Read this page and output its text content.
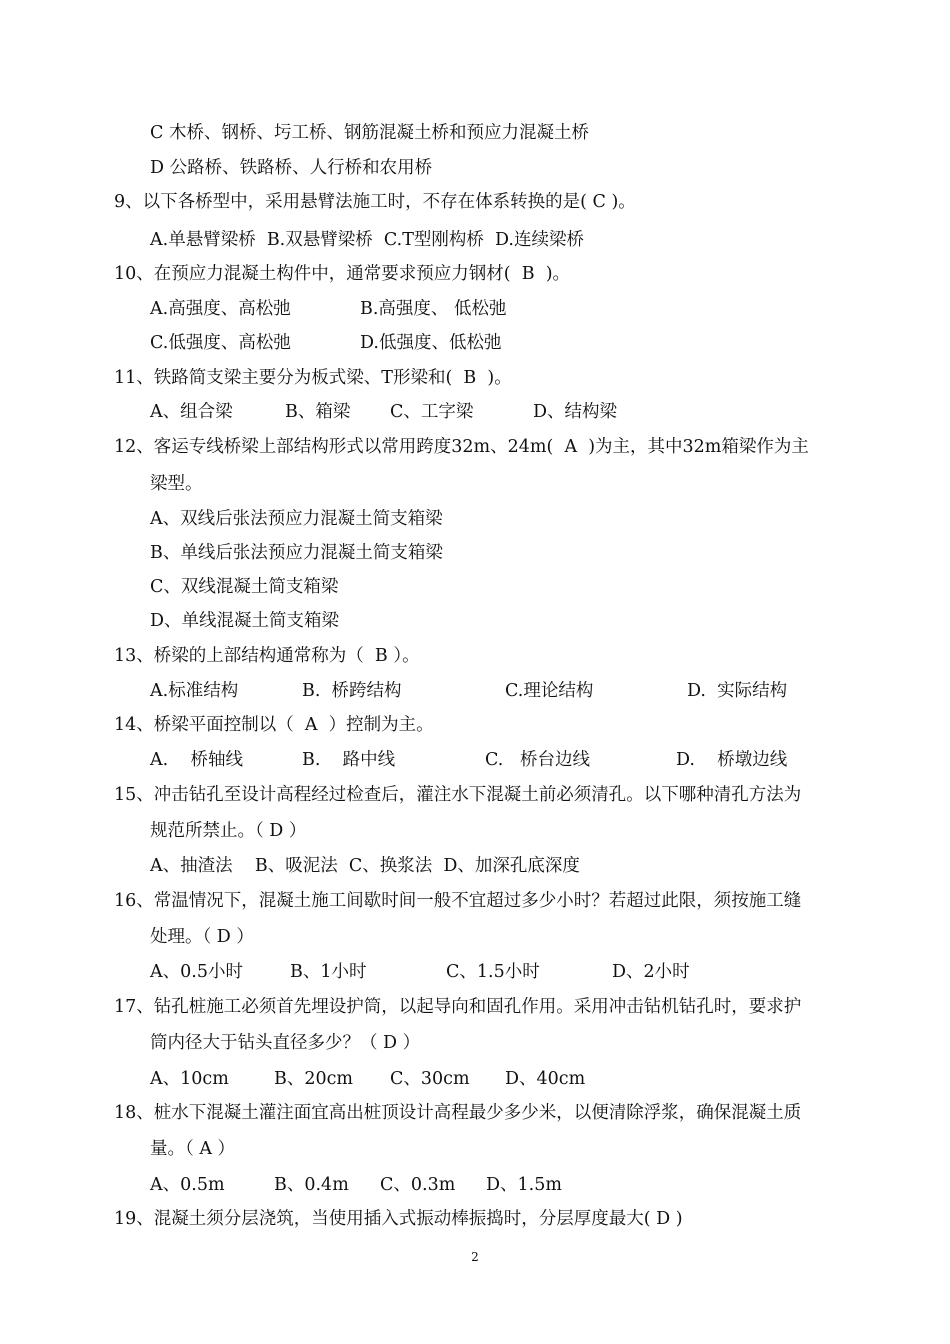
C 木桥、钢桥、圬工桥、钢筋混凝土桥和预应力混凝土桥
D 公路桥、铁路桥、人行桥和农用桥
9、以下各桥型中，采用悬臂法施工时，不存在体系转换的是( C )。
A.单悬臂梁桥  B.双悬臂梁桥  C.T型刚构桥  D.连续梁桥
10、在预应力混凝土构件中，通常要求预应力钢材(  B  )。

A.高强度、高松弛

	B.高强度、 低松弛

C.低强度、高松弛

	D.低强度、低松弛

11、铁路简支梁主要分为板式梁、T形梁和(  B  )。

A、组合梁

	B、箱梁

C、工字梁

	D、结构梁

12、客运专线桥梁上部结构形式以常用跨度32m、24m(  A  )为主，其中32m箱梁作为主
梁型。
A、双线后张法预应力混凝土简支箱梁
B、单线后张法预应力混凝土简支箱梁
C、双线混凝土简支箱梁
D、单线混凝土简支箱梁
13、桥梁的上部结构通常称为（  B ）。

A.标准结构

	B.  桥跨结构

	C.理论结构

	D.  实际结构

14、桥梁平面控制以（  A  ）控制为主。

A.    桥轴线

	B.    路中线

	C.   桥台边线

	D.    桥墩边线

15、冲击钻孔至设计高程经过检查后，灌注水下混凝土前必须清孔。以下哪种清孔方法为
规范所禁止。（ D ）
A、抽渣法    B、吸泥法  C、换浆法  D、加深孔底深度
16、常温情况下，混凝土施工间歇时间一般不宜超过多少小时？若超过此限，须按施工缝
处理。（ D ）

A、0.5小时

	B、1小时

	C、1.5小时

	D、2小时

17、钻孔桩施工必须首先埋设护筒，以起导向和固孔作用。采用冲击钻机钻孔时，要求护
筒内径大于钻头直径多少？（ D ）

A、10cm

	B、20cm

C、30cm

D、40cm

18、桩水下混凝土灌注面宜高出桩顶设计高程最少多少米，以便清除浮浆，确保混凝土质
量。（ A ）

A、0.5m

	B、0.4m

C、0.3m

D、1.5m

19、混凝土须分层浇筑，当使用插入式振动棒振捣时，分层厚度最大( D )
2
